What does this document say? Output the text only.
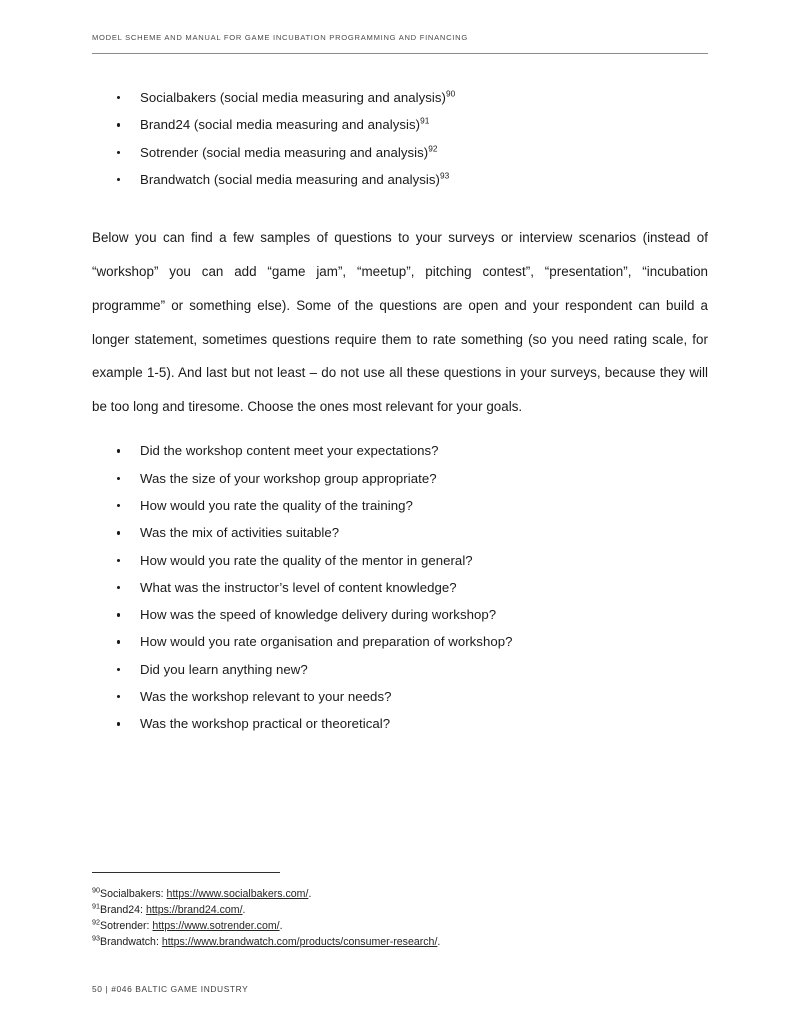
MODEL SCHEME AND MANUAL FOR GAME INCUBATION PROGRAMMING AND FINANCING
Socialbakers (social media measuring and analysis)$^{90}$
Brand24 (social media measuring and analysis)$^{91}$
Sotrender (social media measuring and analysis)$^{92}$
Brandwatch (social media measuring and analysis)$^{93}$

Below you can find a few samples of questions to your surveys or interview scenarios (instead of “workshop” you can add “game jam”, “meetup”, pitching contest”, “presentation”, “incubation programme” or something else). Some of the questions are open and your respondent can build a longer statement, sometimes questions require them to rate something (so you need rating scale, for example 1-5). And last but not least – do not use all these questions in your surveys, because they will be too long and tiresome. Choose the ones most relevant for your goals.

Did the workshop content meet your expectations?
Was the size of your workshop group appropriate?
How would you rate the quality of the training?
Was the mix of activities suitable?
How would you rate the quality of the mentor in general?
What was the instructor’s level of content knowledge?
How was the speed of knowledge delivery during workshop?
How would you rate organisation and preparation of workshop?
Did you learn anything new?
Was the workshop relevant to your needs?
Was the workshop practical or theoretical?
$^{90}$Socialbakers: https://www.socialbakers.com/.
$^{91}$Brand24: https://brand24.com/.
$^{92}$Sotrender: https://www.sotrender.com/.
$^{93}$Brandwatch: https://www.brandwatch.com/products/consumer-research/.
50 | #046 BALTIC GAME INDUSTRY
